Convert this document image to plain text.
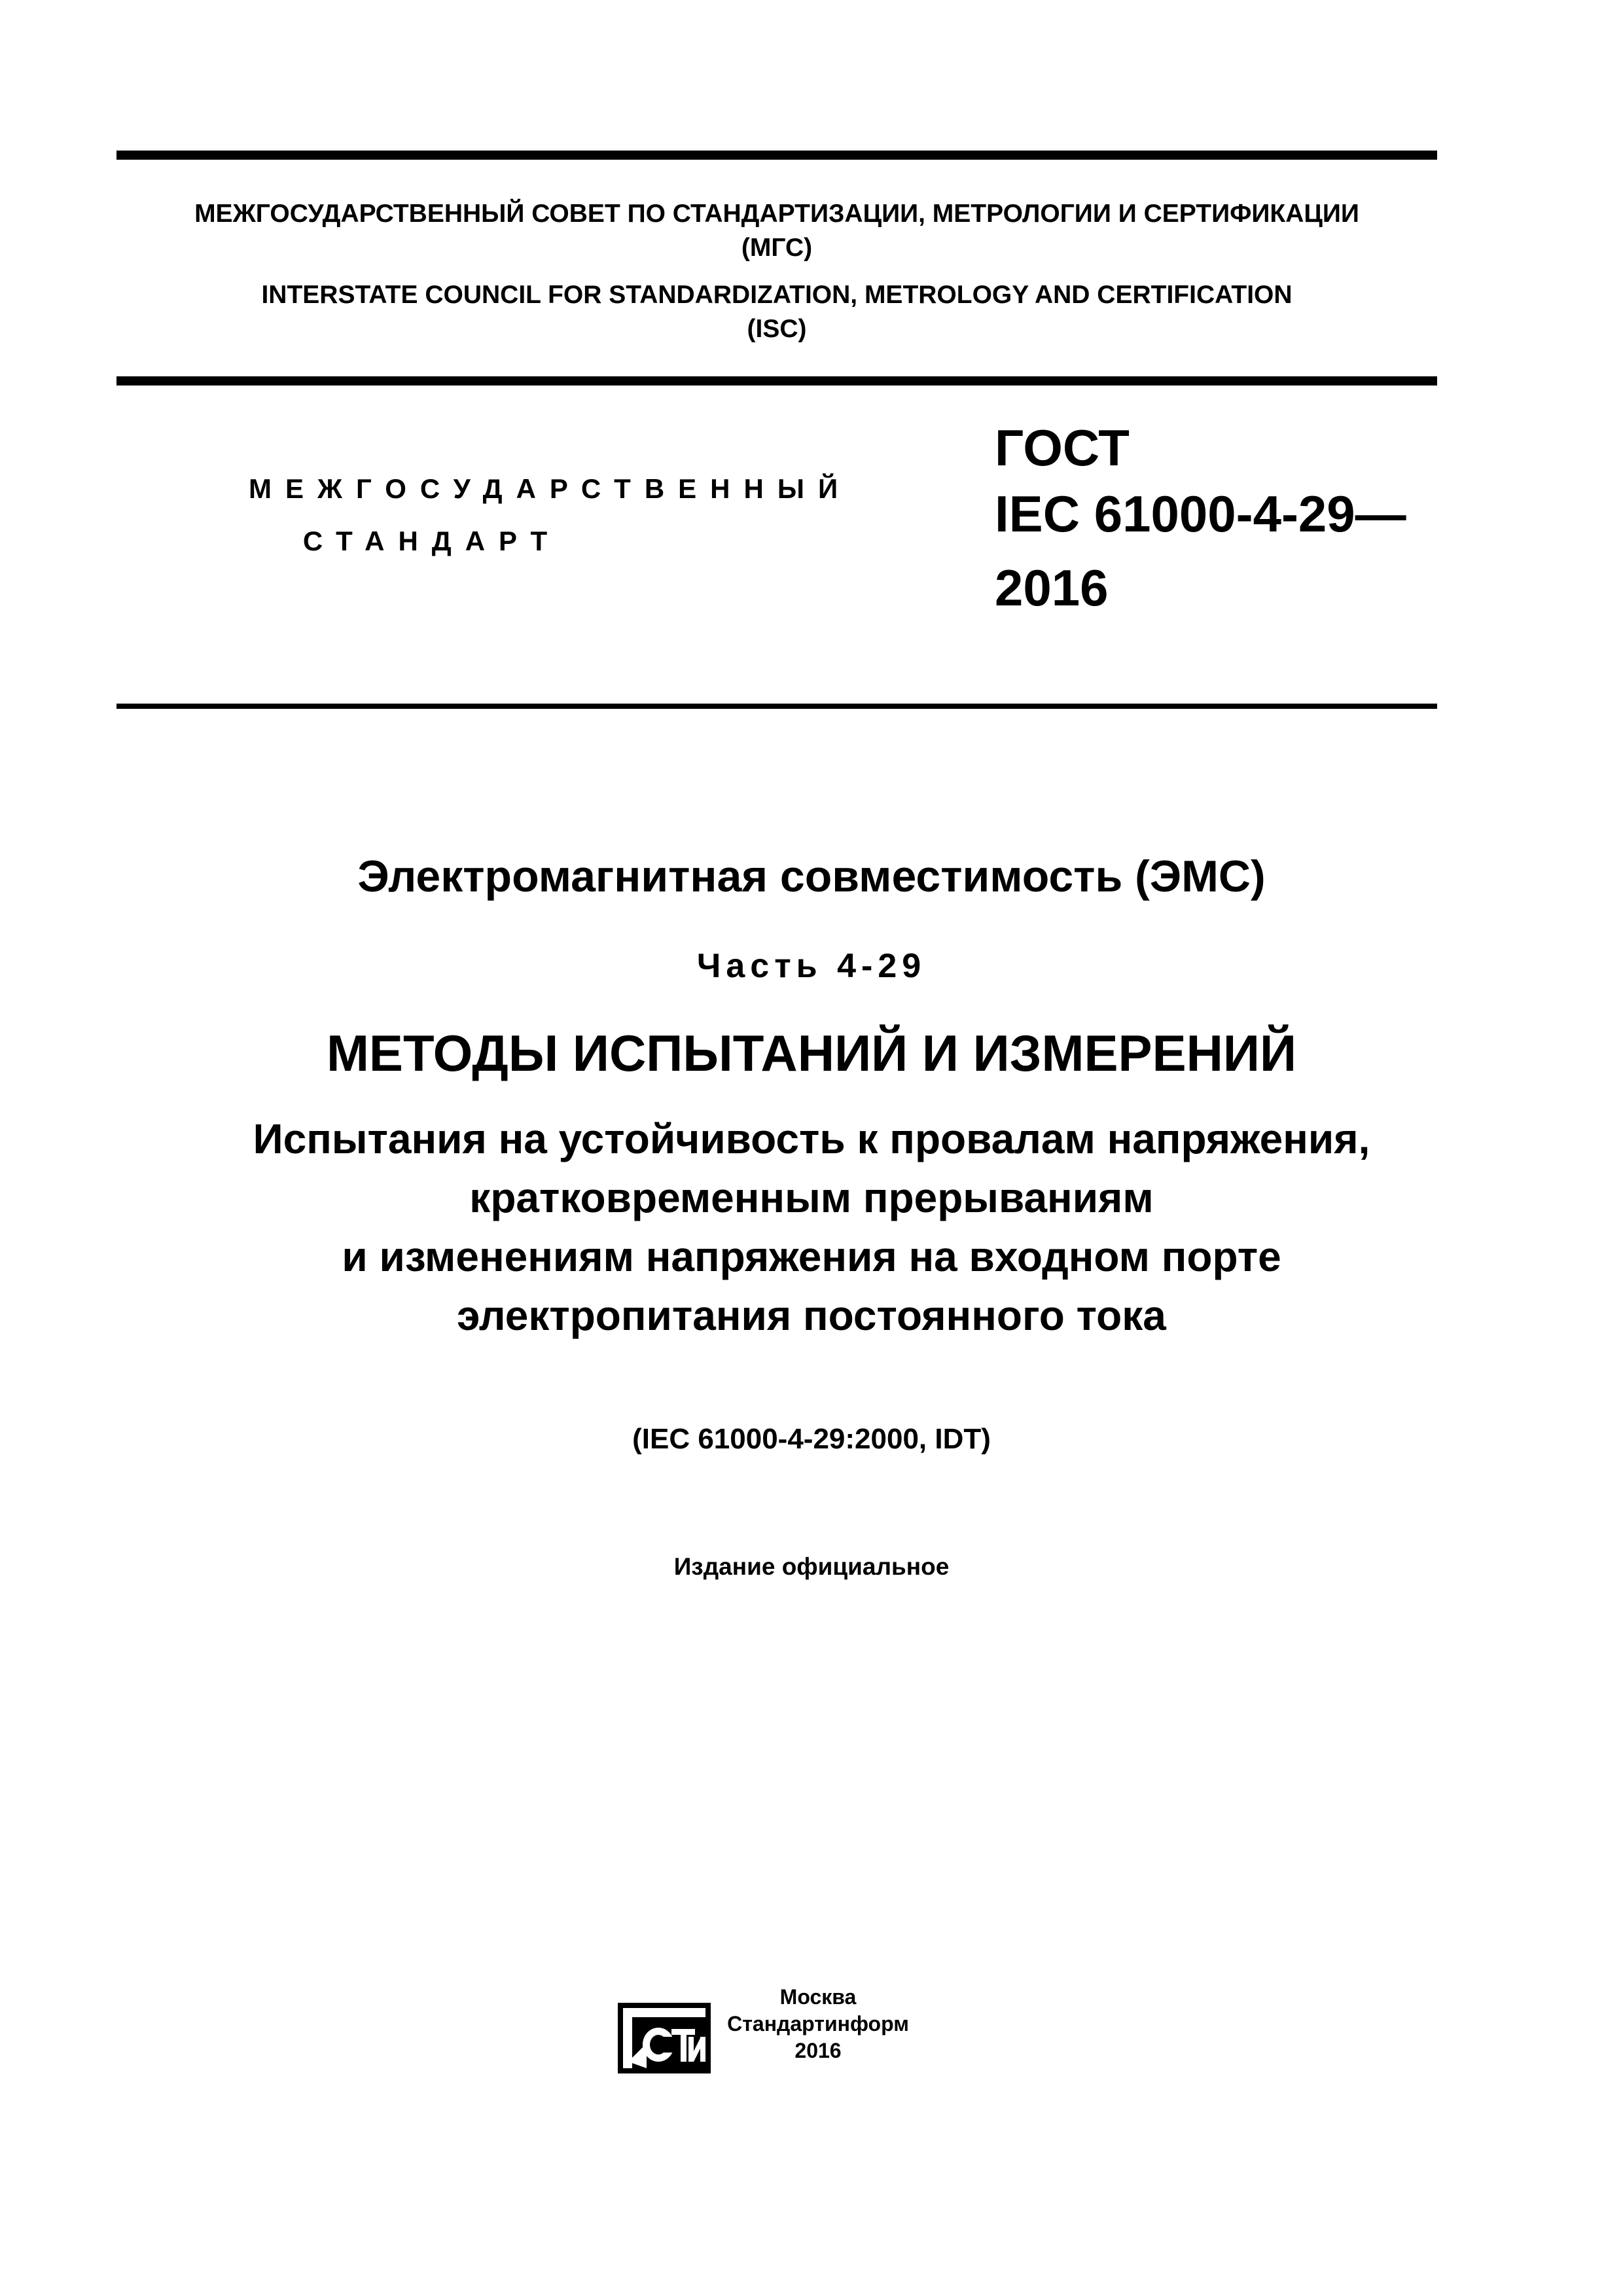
МЕЖГОСУДАРСТВЕННЫЙ СОВЕТ ПО СТАНДАРТИЗАЦИИ, МЕТРОЛОГИИ И СЕРТИФИКАЦИИ
(МГС)
INTERSTATE COUNCIL FOR STANDARDIZATION, METROLOGY AND CERTIFICATION
(ISC)
МЕЖГОСУДАРСТВЕННЫЙ
СТАНДАРТ
ГОСТ
IEC 61000-4-29—
2016
Электромагнитная совместимость (ЭМС)
Часть 4-29
МЕТОДЫ ИСПЫТАНИЙ И ИЗМЕРЕНИЙ
Испытания на устойчивость к провалам напряжения,
кратковременным прерываниям
и изменениям напряжения на входном порте
электропитания постоянного тока
(IEC 61000-4-29:2000, IDT)
Издание официальное
Москва
Стандартинформ
2016
